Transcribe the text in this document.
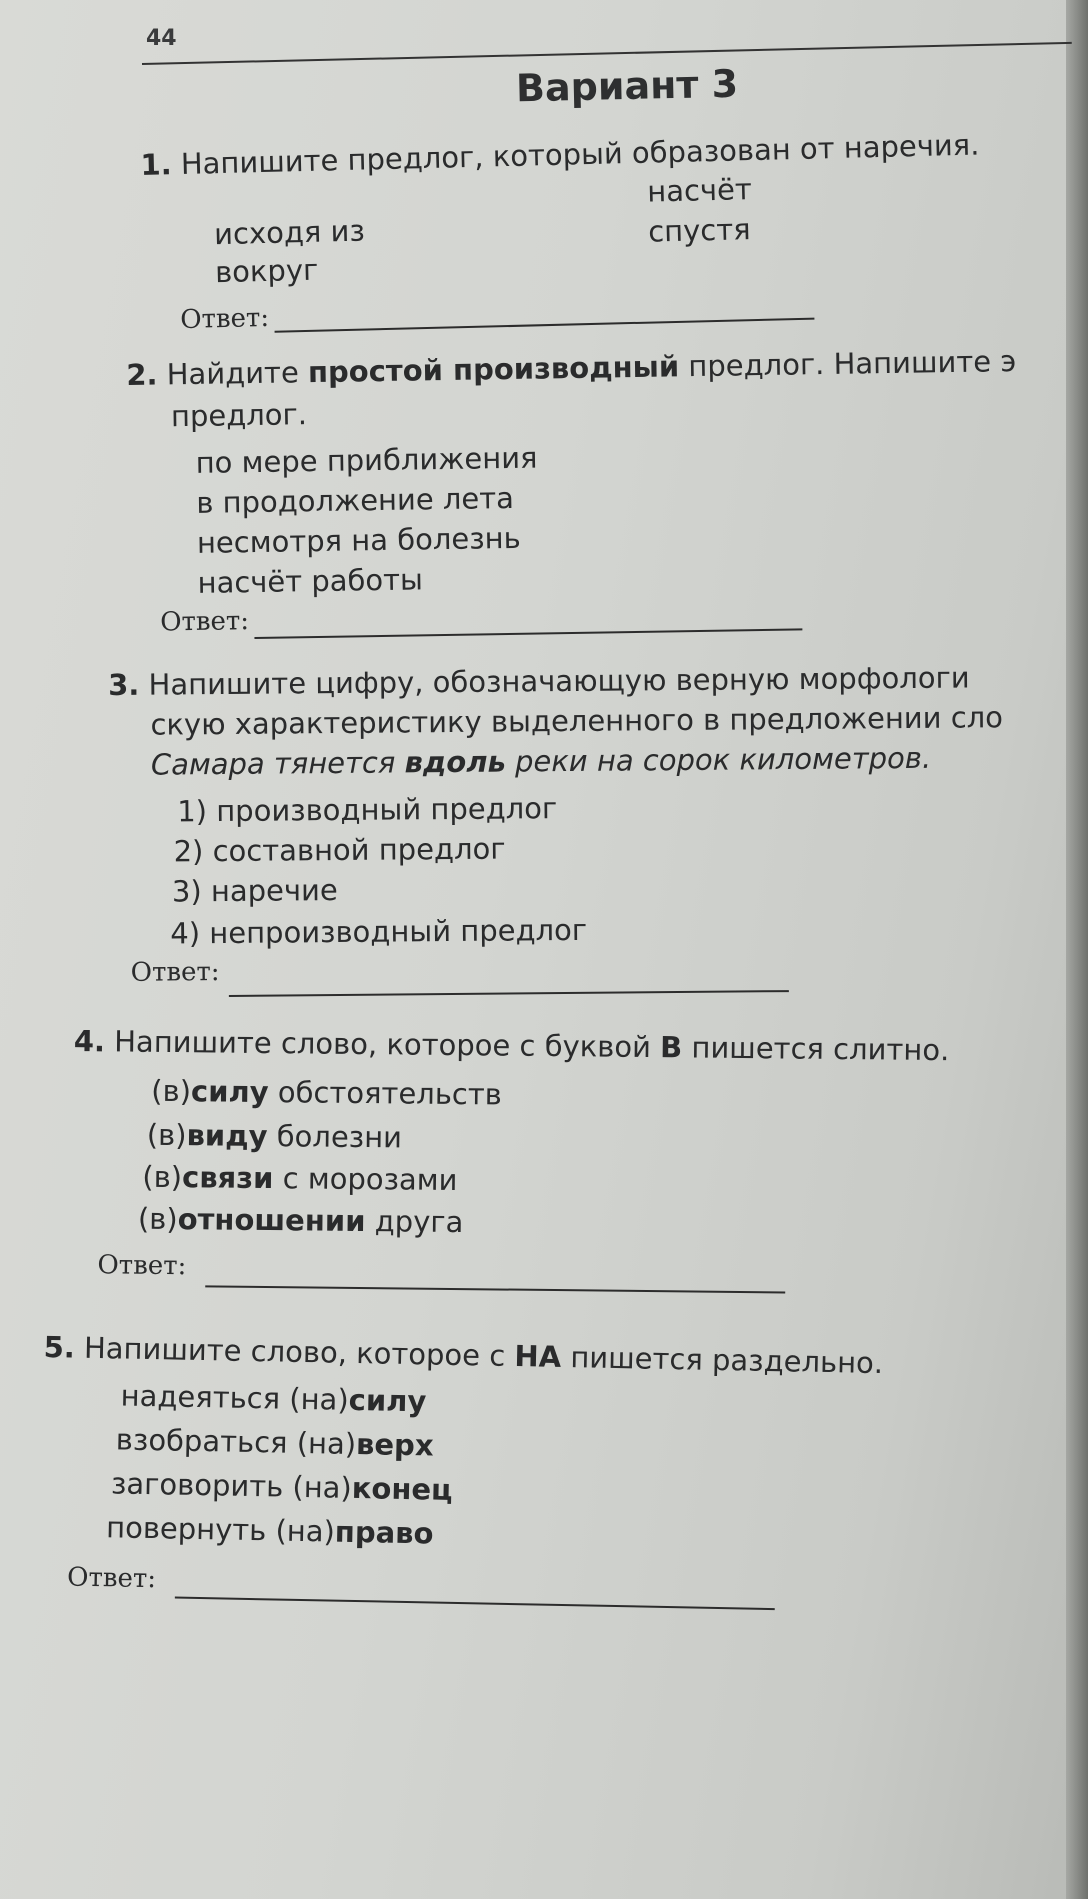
44
Вариант 3
1. Напишите предлог, который образован от наречия.
исходя из
вокруг
насчёт
спустя
Ответ:
2. Найдите простой производный предлог. Напишите э
предлог.
по мере приближения
в продолжение лета
несмотря на болезнь
насчёт работы
Ответ:
3. Напишите цифру, обозначающую верную морфологи
скую характеристику выделенного в предложении сло
Самара тянется вдоль реки на сорок километров.
1) производный предлог
2) составной предлог
3) наречие
4) непроизводный предлог
Ответ:
4. Напишите слово, которое с буквой В пишется слитно.
(в)силу обстоятельств
(в)виду болезни
(в)связи с морозами
(в)отношении друга
Ответ:
5. Напишите слово, которое с НА пишется раздельно.
надеяться (на)силу
взобраться (на)верх
заговорить (на)конец
повернуть (на)право
Ответ:
